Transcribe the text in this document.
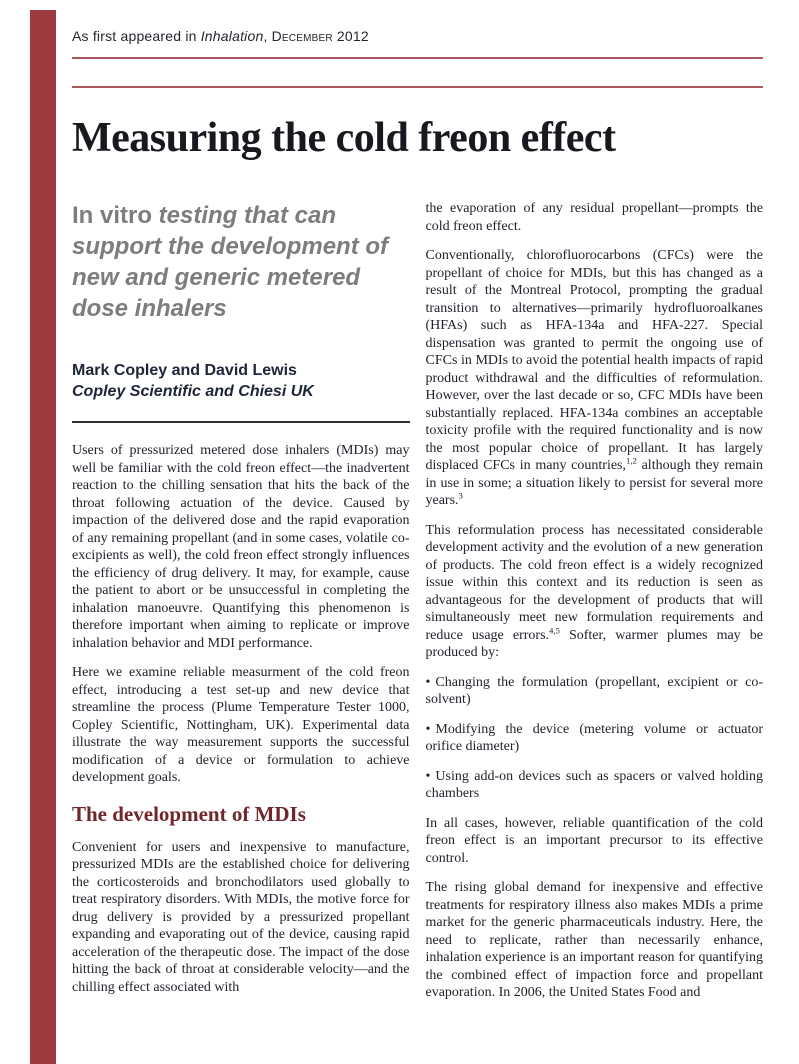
As first appeared in Inhalation, December 2012

Measuring the cold freon effect

In vitro testing that can support the development of new and generic metered dose inhalers

Mark Copley and David Lewis

Copley Scientific and Chiesi UK

Users of pressurized metered dose inhalers (MDIs) may well be familiar with the cold freon effect—the inadvertent reaction to the chilling sensation that hits the back of the throat following actuation of the device. Caused by impaction of the delivered dose and the rapid evaporation of any remaining propellant (and in some cases, volatile co-excipients as well), the cold freon effect strongly influences the efficiency of drug delivery. It may, for example, cause the patient to abort or be unsuccessful in completing the inhalation manoeuvre. Quantifying this phenomenon is therefore important when aiming to replicate or improve inhalation behavior and MDI performance.

Here we examine reliable measurment of the cold freon effect, introducing a test set-up and new device that streamline the process (Plume Temperature Tester 1000, Copley Scientific, Nottingham, UK). Experimental data illustrate the way measurement supports the successful modification of a device or formulation to achieve development goals.

The development of MDIs

Convenient for users and inexpensive to manufacture, pressurized MDIs are the established choice for delivering the corticosteroids and bronchodilators used globally to treat respiratory disorders. With MDIs, the motive force for drug delivery is provided by a pressurized propellant expanding and evaporating out of the device, causing rapid acceleration of the therapeutic dose. The impact of the dose hitting the back of throat at considerable velocity—and the chilling effect associated with

the evaporation of any residual propellant—prompts the cold freon effect.

Conventionally, chlorofluorocarbons (CFCs) were the propellant of choice for MDIs, but this has changed as a result of the Montreal Protocol, prompting the gradual transition to alternatives—primarily hydrofluoroalkanes (HFAs) such as HFA-134a and HFA-227. Special dispensation was granted to permit the ongoing use of CFCs in MDIs to avoid the potential health impacts of rapid product withdrawal and the difficulties of reformulation. However, over the last decade or so, CFC MDIs have been substantially replaced. HFA-134a combines an acceptable toxicity profile with the required functionality and is now the most popular choice of propellant. It has largely displaced CFCs in many countries,$^{1,2}$ although they remain in use in some; a situation likely to persist for several more years.$^3$

This reformulation process has necessitated considerable development activity and the evolution of a new generation of products. The cold freon effect is a widely recognized issue within this context and its reduction is seen as advantageous for the development of products that will simultaneously meet new formulation requirements and reduce usage errors.$^{4,5}$ Softer, warmer plumes may be produced by:

• Changing the formulation (propellant, excipient or co-solvent)

• Modifying the device (metering volume or actuator orifice diameter)

• Using add-on devices such as spacers or valved holding chambers

In all cases, however, reliable quantification of the cold freon effect is an important precursor to its effective control.

The rising global demand for inexpensive and effective treatments for respiratory illness also makes MDIs a prime market for the generic pharmaceuticals industry. Here, the need to replicate, rather than necessarily enhance, inhalation experience is an important reason for quantifying the combined effect of impaction force and propellant evaporation. In 2006, the United States Food and
